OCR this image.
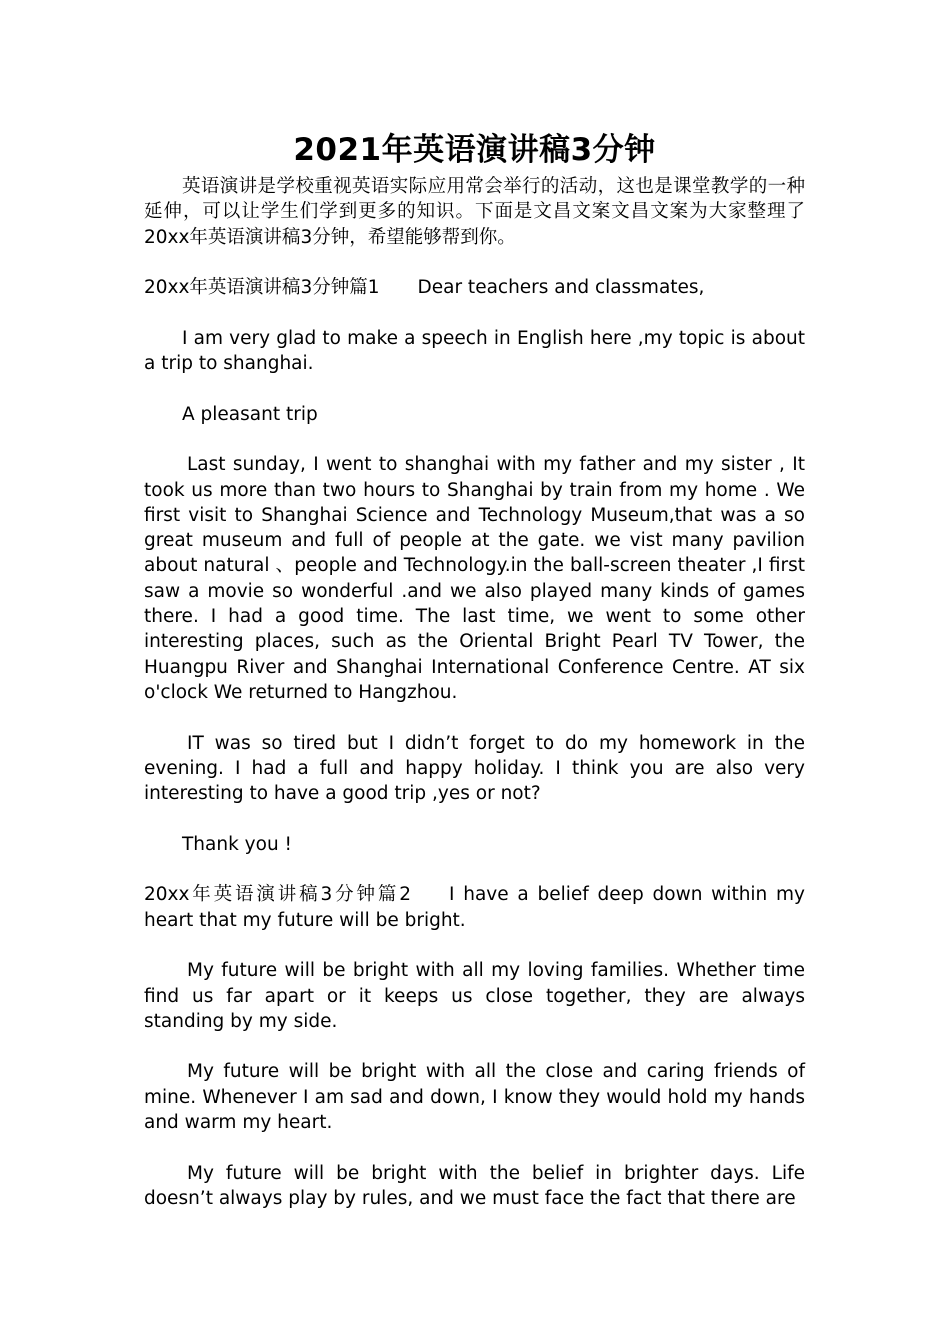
2021年英语演讲稿3分钟

英语演讲是学校重视英语实际应用常会举行的活动，这也是课堂教学的一种延伸，可以让学生们学到更多的知识。下面是文昌文案文昌文案为大家整理了20xx年英语演讲稿3分钟，希望能够帮到你。

20xx年英语演讲稿3分钟篇1 Dear teachers and classmates,

I am very glad to make a speech in English here ,my topic is about a trip to shanghai.

A pleasant trip

Last sunday, I went to shanghai with my father and my sister , It took us more than two hours to Shanghai by train from my home . We first visit to Shanghai Science and Technology Museum,that was a so great museum and full of people at the gate. we vist many pavilion about natural 、people and Technology.in the ball-screen theater ,I first saw a movie so wonderful .and we also played many kinds of games there. I had a good time. The last time, we went to some other interesting places, such as the Oriental Bright Pearl TV Tower, the Huangpu River and Shanghai International Conference Centre. AT six o'clock We returned to Hangzhou.

IT was so tired but I didn’t forget to do my homework in the evening. I had a full and happy holiday. I think you are also very interesting to have a good trip ,yes or not?

Thank you !

20xx年英语演讲稿3分钟篇2 I have a belief deep down within my heart that my future will be bright.

My future will be bright with all my loving families. Whether time find us far apart or it keeps us close together, they are always standing by my side.

My future will be bright with all the close and caring friends of mine. Whenever I am sad and down, I know they would hold my hands and warm my heart.

My future will be bright with the belief in brighter days. Life doesn’t always play by rules, and we must face the fact that there are
